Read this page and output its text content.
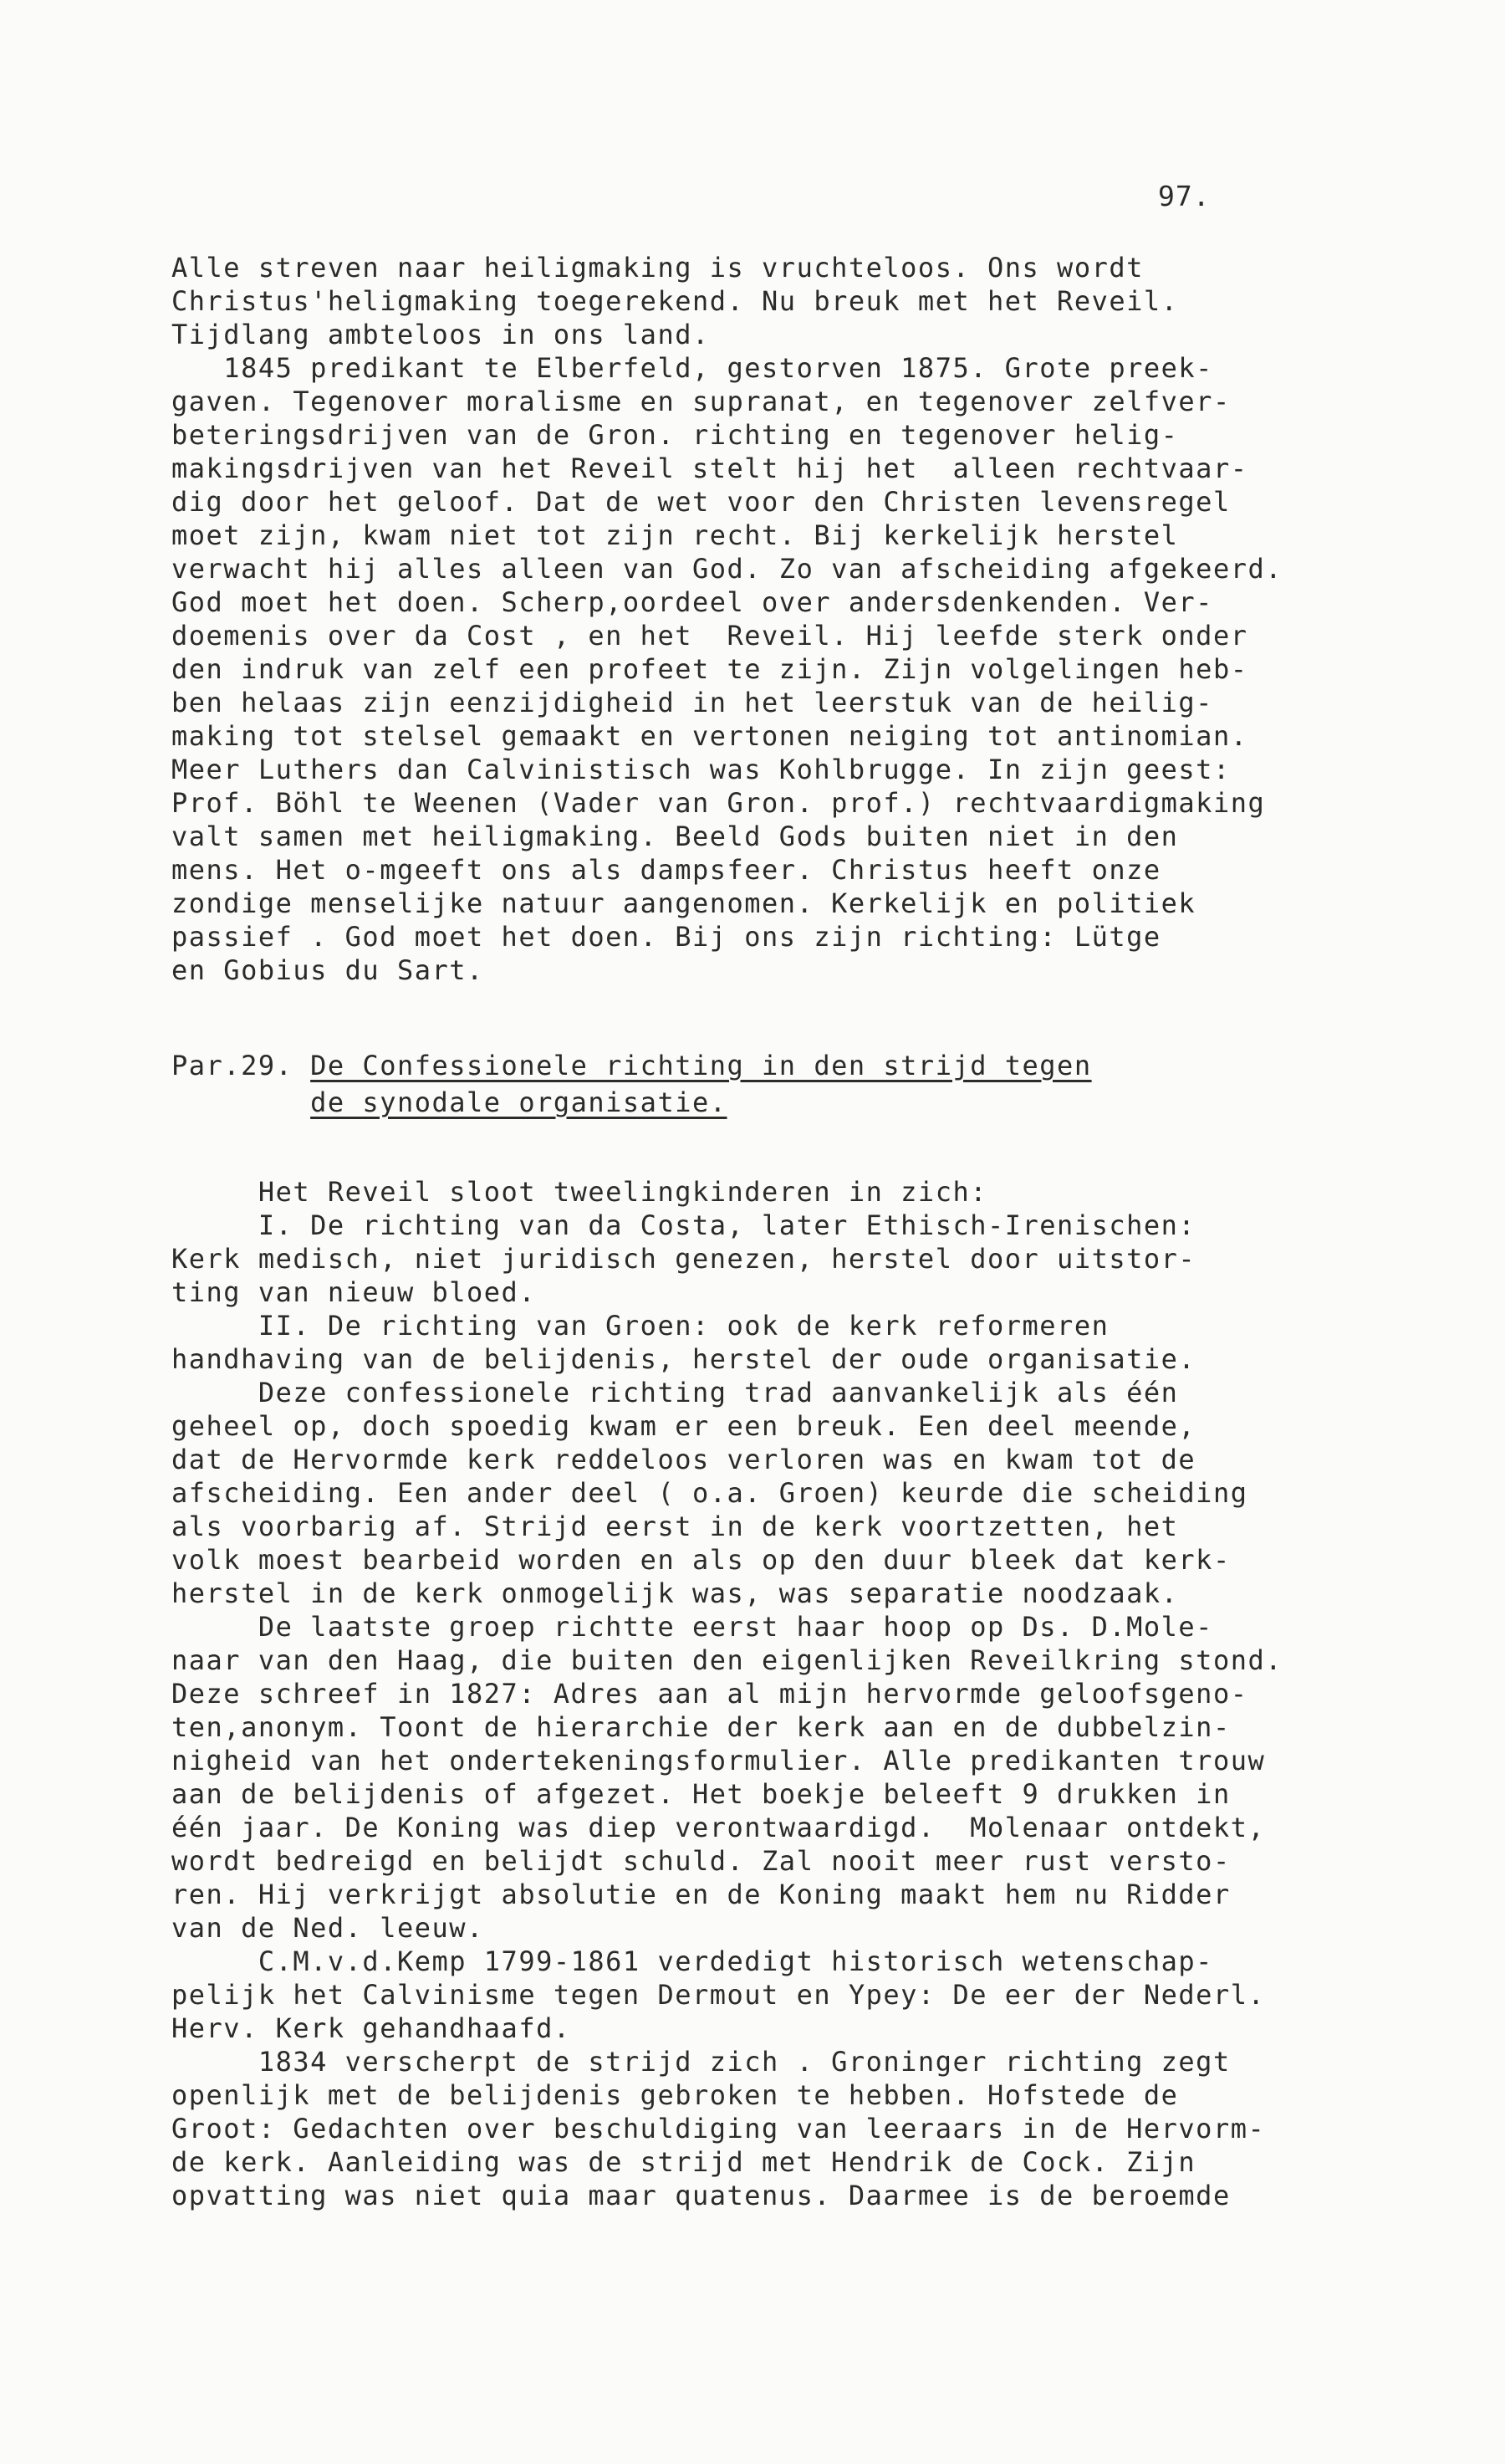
97.
Alle streven naar heiligmaking is vruchteloos. Ons wordt
Christus'heligmaking toegerekend. Nu breuk met het Reveil.
Tijdlang ambteloos in ons land.
1845 predikant te Elberfeld, gestorven 1875. Grote preek-
gaven. Tegenover moralisme en supranat, en tegenover zelfver-
beteringsdrijven van de Gron. richting en tegenover helig-
makingsdrijven van het Reveil stelt hij het  alleen rechtvaar-
dig door het geloof. Dat de wet voor den Christen levensregel
moet zijn, kwam niet tot zijn recht. Bij kerkelijk herstel
verwacht hij alles alleen van God. Zo van afscheiding afgekeerd.
God moet het doen. Scherp,oordeel over andersdenkenden. Ver-
doemenis over da Cost , en het  Reveil. Hij leefde sterk onder
den indruk van zelf een profeet te zijn. Zijn volgelingen heb-
ben helaas zijn eenzijdigheid in het leerstuk van de heilig-
making tot stelsel gemaakt en vertonen neiging tot antinomian.
Meer Luthers dan Calvinistisch was Kohlbrugge. In zijn geest:
Prof. Böhl te Weenen (Vader van Gron. prof.) rechtvaardigmaking
valt samen met heiligmaking. Beeld Gods buiten niet in den
mens. Het o-mgeeft ons als dampsfeer. Christus heeft onze
zondige menselijke natuur aangenomen. Kerkelijk en politiek
passief . God moet het doen. Bij ons zijn richting: Lütge
en Gobius du Sart.
Par.29. De Confessionele richting in den strijd tegen
de synodale organisatie.
Het Reveil sloot tweelingkinderen in zich:
I. De richting van da Costa, later Ethisch-Irenischen:
Kerk medisch, niet juridisch genezen, herstel door uitstor-
ting van nieuw bloed.
II. De richting van Groen: ook de kerk reformeren
handhaving van de belijdenis, herstel der oude organisatie.
Deze confessionele richting trad aanvankelijk als één
geheel op, doch spoedig kwam er een breuk. Een deel meende,
dat de Hervormde kerk reddeloos verloren was en kwam tot de
afscheiding. Een ander deel ( o.a. Groen) keurde die scheiding
als voorbarig af. Strijd eerst in de kerk voortzetten, het
volk moest bearbeid worden en als op den duur bleek dat kerk-
herstel in de kerk onmogelijk was, was separatie noodzaak.
De laatste groep richtte eerst haar hoop op Ds. D.Mole-
naar van den Haag, die buiten den eigenlijken Reveilkring stond.
Deze schreef in 1827: Adres aan al mijn hervormde geloofsgeno-
ten,anonym. Toont de hierarchie der kerk aan en de dubbelzin-
nigheid van het ondertekeningsformulier. Alle predikanten trouw
aan de belijdenis of afgezet. Het boekje beleeft 9 drukken in
één jaar. De Koning was diep verontwaardigd.  Molenaar ontdekt,
wordt bedreigd en belijdt schuld. Zal nooit meer rust versto-
ren. Hij verkrijgt absolutie en de Koning maakt hem nu Ridder
van de Ned. leeuw.
C.M.v.d.Kemp 1799-1861 verdedigt historisch wetenschap-
pelijk het Calvinisme tegen Dermout en Ypey: De eer der Nederl.
Herv. Kerk gehandhaafd.
1834 verscherpt de strijd zich . Groninger richting zegt
openlijk met de belijdenis gebroken te hebben. Hofstede de
Groot: Gedachten over beschuldiging van leeraars in de Hervorm-
de kerk. Aanleiding was de strijd met Hendrik de Cock. Zijn
opvatting was niet quia maar quatenus. Daarmee is de beroemde
